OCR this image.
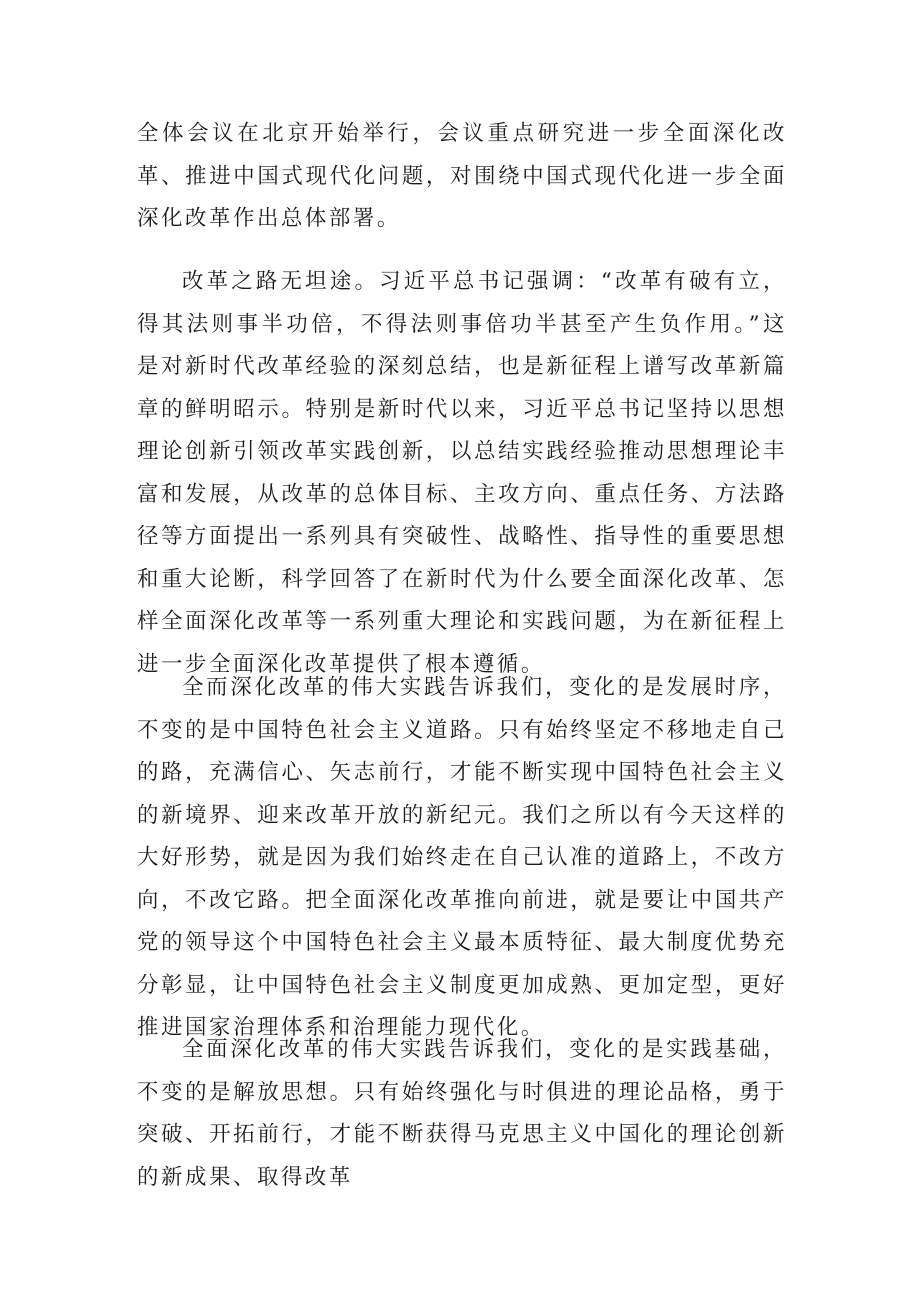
全体会议在北京开始举行，会议重点研究进一步全面深化改革、推进中国式现代化问题，对围绕中国式现代化进一步全面深化改革作出总体部署。

改革之路无坦途。习近平总书记强调：“改革有破有立，得其法则事半功倍，不得法则事倍功半甚至产生负作用。”这是对新时代改革经验的深刻总结，也是新征程上谱写改革新篇章的鲜明昭示。特别是新时代以来，习近平总书记坚持以思想理论创新引领改革实践创新，以总结实践经验推动思想理论丰富和发展，从改革的总体目标、主攻方向、重点任务、方法路径等方面提出一系列具有突破性、战略性、指导性的重要思想和重大论断，科学回答了在新时代为什么要全面深化改革、怎样全面深化改革等一系列重大理论和实践问题，为在新征程上进一步全面深化改革提供了根本遵循。

全而深化改革的伟大实践告诉我们，变化的是发展时序，不变的是中国特色社会主义道路。只有始终坚定不移地走自己的路，充满信心、矢志前行，才能不断实现中国特色社会主义的新境界、迎来改革开放的新纪元。我们之所以有今天这样的大好形势，就是因为我们始终走在自己认准的道路上，不改方向，不改它路。把全面深化改革推向前进，就是要让中国共产党的领导这个中国特色社会主义最本质特征、最大制度优势充分彰显，让中国特色社会主义制度更加成熟、更加定型，更好推进国家治理体系和治理能力现代化。

全面深化改革的伟大实践告诉我们，变化的是实践基础，不变的是解放思想。只有始终强化与时俱进的理论品格，勇于突破、开拓前行，才能不断获得马克思主义中国化的理论创新的新成果、取得改革
